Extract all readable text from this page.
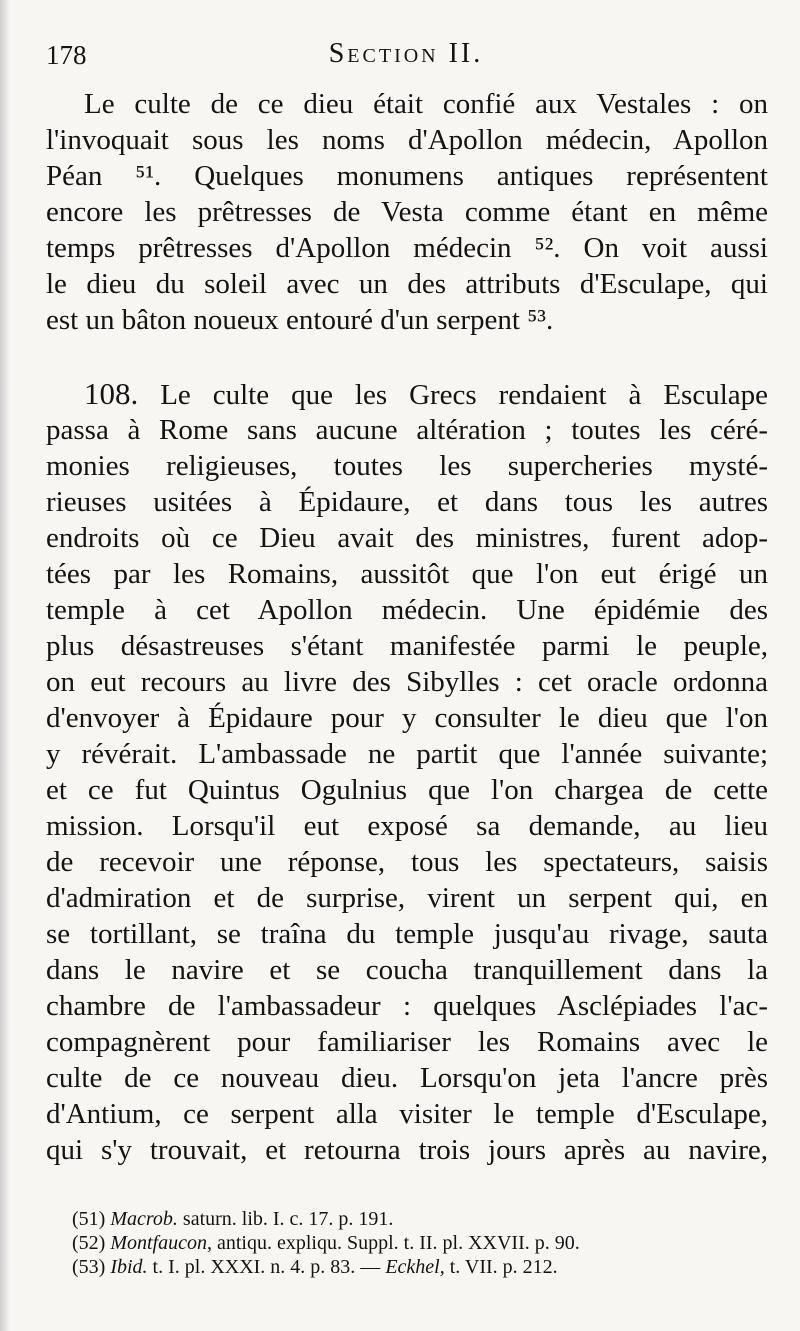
178	Section II.
Le culte de ce dieu était confié aux Vestales : on
l'invoquait sous les noms d'Apollon médecin, Apollon
Péan ⁵¹. Quelques monumens antiques représentent
encore les prêtresses de Vesta comme étant en même
temps prêtresses d'Apollon médecin ⁵². On voit aussi
le dieu du soleil avec un des attributs d'Esculape, qui
est un bâton noueux entouré d'un serpent ⁵³.
108. Le culte que les Grecs rendaient à Esculape
passa à Rome sans aucune altération ; toutes les céré-
monies religieuses, toutes les supercheries mysté-
rieuses usitées à Épidaure, et dans tous les autres
endroits où ce Dieu avait des ministres, furent adop-
tées par les Romains, aussitôt que l'on eut érigé un
temple à cet Apollon médecin. Une épidémie des
plus désastreuses s'étant manifestée parmi le peuple,
on eut recours au livre des Sibylles : cet oracle ordonna
d'envoyer à Épidaure pour y consulter le dieu que l'on
y révérait. L'ambassade ne partit que l'année suivante;
et ce fut Quintus Ogulnius que l'on chargea de cette
mission. Lorsqu'il eut exposé sa demande, au lieu
de recevoir une réponse, tous les spectateurs, saisis
d'admiration et de surprise, virent un serpent qui, en
se tortillant, se traîna du temple jusqu'au rivage, sauta
dans le navire et se coucha tranquillement dans la
chambre de l'ambassadeur : quelques Asclépiades l'ac-
compagnèrent pour familiariser les Romains avec le
culte de ce nouveau dieu. Lorsqu'on jeta l'ancre près
d'Antium, ce serpent alla visiter le temple d'Esculape,
qui s'y trouvait, et retourna trois jours après au navire,
(51) Macrob. saturn. lib. I. c. 17. p. 191.
(52) Montfaucon, antiqu. expliqu. Suppl. t. II. pl. XXVII. p. 90.
(53) Ibid. t. I. pl. XXXI. n. 4. p. 83. — Eckhel, t. VII. p. 212.
